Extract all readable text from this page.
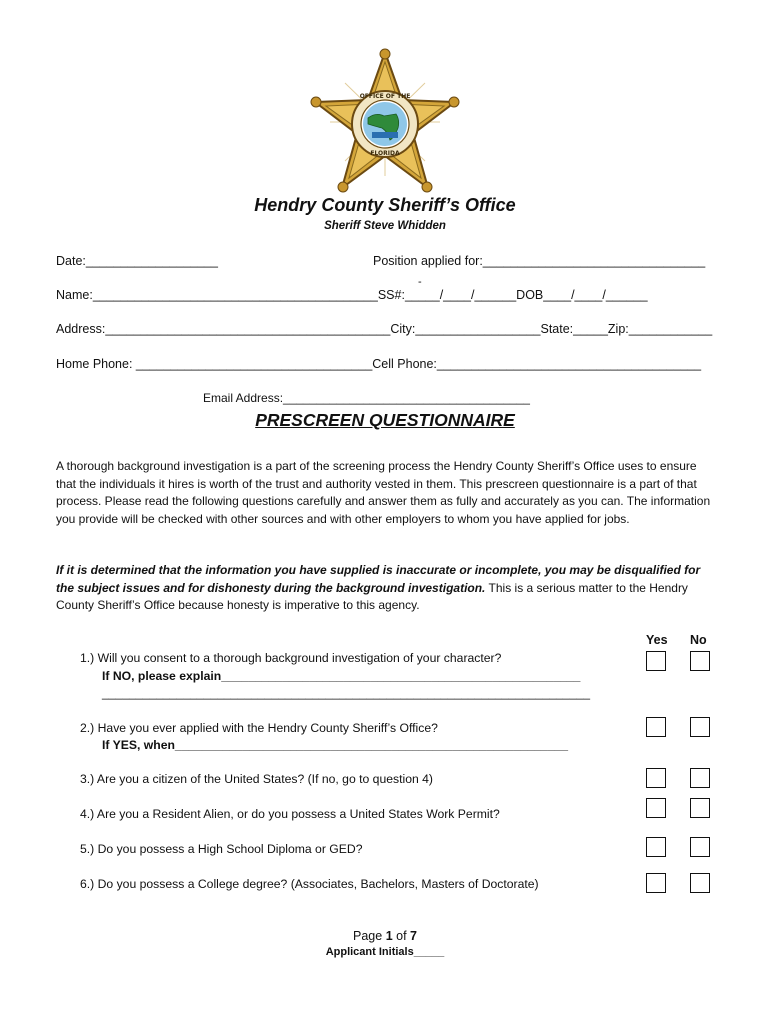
OFFICE OF THE
FLORIDA
Hendry County Sheriff’s Office
Sheriff Steve Whidden
Date:___________________	Position applied for:________________________________
-
Name:_________________________________________SS#:_____/____/______DOB____/____/______
Address:_________________________________________City:__________________State:_____Zip:____________
Home Phone: __________________________________Cell Phone:______________________________________
Email Address:_____________________________________
PRESCREEN QUESTIONNAIRE
A thorough background investigation is a part of the screening process the Hendry County Sheriff’s Office uses to ensure that the individuals it hires is worth of the trust and authority vested in them. This prescreen questionnaire is a part of that process. Please read the following questions carefully and answer them as fully and accurately as you can. The information you provide will be checked with other sources and with other employers to whom you have applied for jobs.
If it is determined that the information you have supplied is inaccurate or incomplete, you may be disqualified for the subject issues and for dishonesty during the background investigation. This is a serious matter to the Hendry County Sheriff’s Office because honesty is imperative to this agency.
Yes No
1.) Will you consent to a thorough background investigation of your character?
If NO, please explain_____________________________________________________
________________________________________________________________________
2.) Have you ever applied with the Hendry County Sheriff’s Office?
If YES, when__________________________________________________________
3.) Are you a citizen of the United States? (If no, go to question 4)
4.) Are you a Resident Alien, or do you possess a United States Work Permit?
5.) Do you possess a High School Diploma or GED?
6.) Do you possess a College degree? (Associates, Bachelors, Masters of Doctorate)
Page 1 of 7
Applicant Initials_____
